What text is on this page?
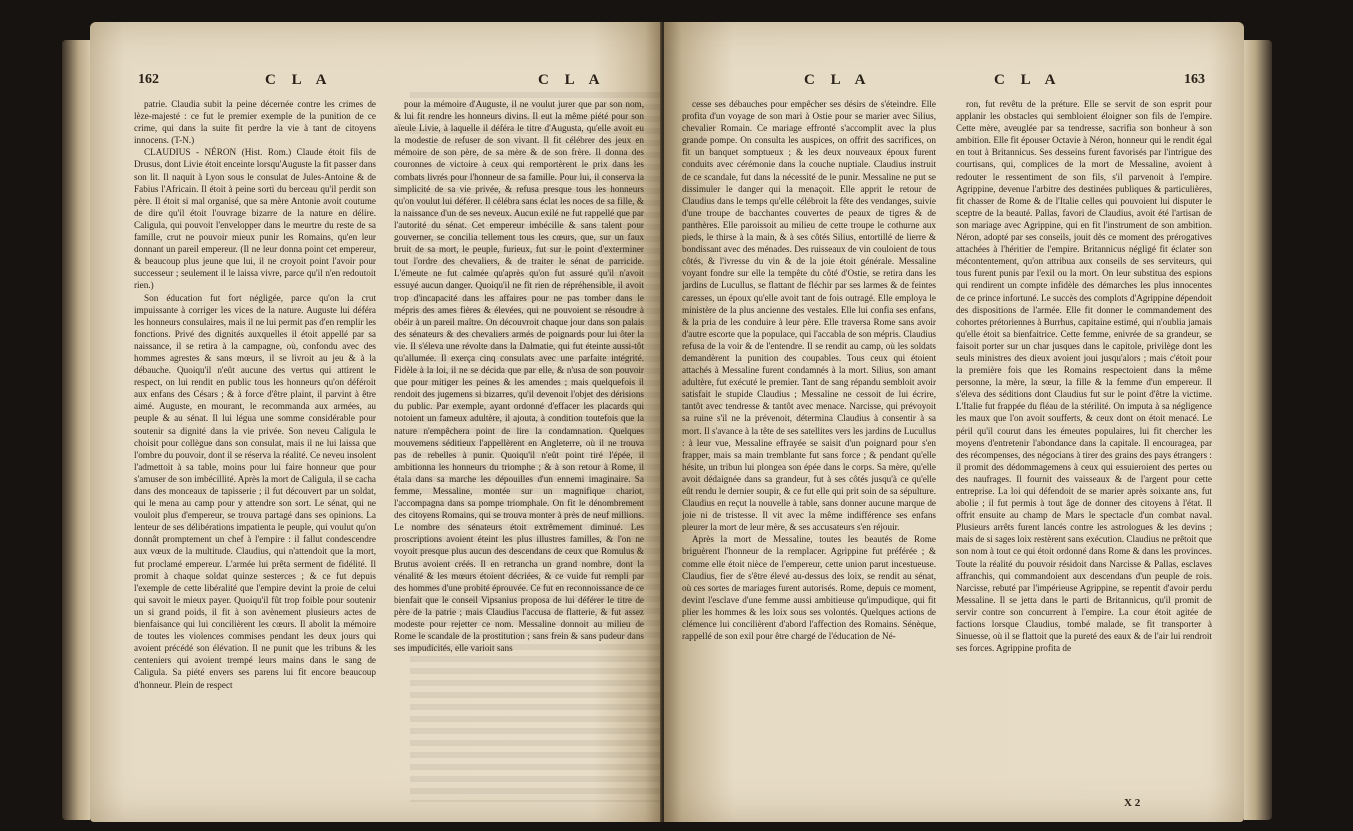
162	C L A	C L A

patrie. Claudia subit la peine décernée contre les crimes de lèze-majesté : ce fut le premier exemple de la punition de ce crime, qui dans la suite fit perdre la vie à tant de citoyens innocens. (T-N.)

CLAUDIUS - NÉRON (Hist. Rom.) Claude étoit fils de Drusus, dont Livie étoit enceinte lorsqu'Auguste la fit passer dans son lit. Il naquit à Lyon sous le consulat de Jules-Antoine & de Fabius l'Africain. Il étoit à peine sorti du berceau qu'il perdit son père. Il étoit si mal organisé, que sa mère Antonie avoit coutume de dire qu'il étoit l'ouvrage bizarre de la nature en délire. Caligula, qui pouvoit l'envelopper dans le meurtre du reste de sa famille, crut ne pouvoir mieux punir les Romains, qu'en leur donnant un pareil empereur. (Il ne leur donna point cet empereur, & beaucoup plus jeune que lui, il ne croyoit point l'avoir pour successeur ; seulement il le laissa vivre, parce qu'il n'en redoutoit rien.)

Son éducation fut fort négligée, parce qu'on la crut impuissante à corriger les vices de la nature. Auguste lui déféra les honneurs consulaires, mais il ne lui permit pas d'en remplir les fonctions. Privé des dignités auxquelles il étoit appellé par sa naissance, il se retira à la campagne, où, confondu avec des hommes agrestes & sans mœurs, il se livroit au jeu & à la débauche. Quoiqu'il n'eût aucune des vertus qui attirent le respect, on lui rendit en public tous les honneurs qu'on déféroit aux enfans des Césars ; & à force d'être plaint, il parvint à être aimé. Auguste, en mourant, le recommanda aux armées, au peuple & au sénat. Il lui légua une somme considérable pour soutenir sa dignité dans la vie privée. Son neveu Caligula le choisit pour collègue dans son consulat, mais il ne lui laissa que l'ombre du pouvoir, dont il se réserva la réalité. Ce neveu insolent l'admettoit à sa table, moins pour lui faire honneur que pour s'amuser de son imbécillité. Après la mort de Caligula, il se cacha dans des monceaux de tapisserie ; il fut découvert par un soldat, qui le mena au camp pour y attendre son sort. Le sénat, qui ne vouloit plus d'empereur, se trouva partagé dans ses opinions. La lenteur de ses délibérations impatienta le peuple, qui voulut qu'on donnât promptement un chef à l'empire : il fallut condescendre aux vœux de la multitude. Claudius, qui n'attendoit que la mort, fut proclamé empereur. L'armée lui prêta serment de fidélité. Il promit à chaque soldat quinze sesterces ; & ce fut depuis l'exemple de cette libéralité que l'empire devint la proie de celui qui savoit le mieux payer. Quoiqu'il fût trop foible pour soutenir un si grand poids, il fit à son avènement plusieurs actes de bienfaisance qui lui concilièrent les cœurs. Il abolit la mémoire de toutes les violences commises pendant les deux jours qui avoient précédé son élévation. Il ne punit que les tribuns & les centeniers qui avoient trempé leurs mains dans le sang de Caligula. Sa piété envers ses parens lui fit encore beaucoup d'honneur. Plein de respect

pour la mémoire d'Auguste, il ne voulut jurer que par son nom, & lui fit rendre les honneurs divins. Il eut la même piété pour son aïeule Livie, à laquelle il déféra le titre d'Augusta, qu'elle avoit eu la modestie de refuser de son vivant. Il fit célébrer des jeux en mémoire de son père, de sa mère & de son frère. Il donna des couronnes de victoire à ceux qui remportèrent le prix dans les combats livrés pour l'honneur de sa famille. Pour lui, il conserva la simplicité de sa vie privée, & refusa presque tous les honneurs qu'on voulut lui déférer. Il célébra sans éclat les noces de sa fille, & la naissance d'un de ses neveux. Aucun exilé ne fut rappellé que par l'autorité du sénat. Cet empereur imbécille & sans talent pour gouverner, se concilia tellement tous les cœurs, que, sur un faux bruit de sa mort, le peuple, furieux, fut sur le point d'exterminer tout l'ordre des chevaliers, & de traiter le sénat de parricide. L'émeute ne fut calmée qu'après qu'on fut assuré qu'il n'avoit essuyé aucun danger. Quoiqu'il ne fît rien de répréhensible, il avoit trop d'incapacité dans les affaires pour ne pas tomber dans le mépris des ames fières & élevées, qui ne pouvoient se résoudre à obéir à un pareil maître. On découvroit chaque jour dans son palais des sénateurs & des chevaliers armés de poignards pour lui ôter la vie. Il s'éleva une révolte dans la Dalmatie, qui fut éteinte aussi-tôt qu'allumée. Il exerça cinq consulats avec une parfaite intégrité. Fidèle à la loi, il ne se décida que par elle, & n'usa de son pouvoir que pour mitiger les peines & les amendes ; mais quelquefois il rendoit des jugemens si bizarres, qu'il devenoit l'objet des dérisions du public. Par exemple, ayant ordonné d'effacer les placards qui notoient un fameux adultère, il ajouta, à condition toutefois que la nature n'empêchera point de lire la condamnation. Quelques mouvemens séditieux l'appellèrent en Angleterre, où il ne trouva pas de rebelles à punir. Quoiqu'il n'eût point tiré l'épée, il ambitionna les honneurs du triomphe ; & à son retour à Rome, il étala dans sa marche les dépouilles d'un ennemi imaginaire. Sa femme, Messaline, montée sur un magnifique chariot, l'accompagna dans sa pompe triomphale. On fit le dénombrement des citoyens Romains, qui se trouva monter à près de neuf millions. Le nombre des sénateurs étoit extrêmement diminué. Les proscriptions avoient éteint les plus illustres familles, & l'on ne voyoit presque plus aucun des descendans de ceux que Romulus & Brutus avoient créés. Il en retrancha un grand nombre, dont la vénalité & les mœurs étoient décriées, & ce vuide fut rempli par des hommes d'une probité éprouvée. Ce fut en reconnoissance de ce bienfait que le conseil Vipsanius proposa de lui déférer le titre de père de la patrie ; mais Claudius l'accusa de flatterie, & fut assez modeste pour rejetter ce nom. Messaline donnoit au milieu de Rome le scandale de la prostitution ; sans frein & sans pudeur dans ses impudicités, elle varioit sans

C L A	C L A	163

cesse ses débauches pour empêcher ses désirs de s'éteindre. Elle profita d'un voyage de son mari à Ostie pour se marier avec Silius, chevalier Romain. Ce mariage effronté s'accomplit avec la plus grande pompe. On consulta les auspices, on offrit des sacrifices, on fit un banquet somptueux ; & les deux nouveaux époux furent conduits avec cérémonie dans la couche nuptiale. Claudius instruit de ce scandale, fut dans la nécessité de le punir. Messaline ne put se dissimuler le danger qui la menaçoit. Elle apprit le retour de Claudius dans le temps qu'elle célébroit la fête des vendanges, suivie d'une troupe de bacchantes couvertes de peaux de tigres & de panthères. Elle paroissoit au milieu de cette troupe le cothurne aux pieds, le thirse à la main, & à ses côtés Silius, entortillé de lierre & bondissant avec des ménades. Des ruisseaux de vin couloient de tous côtés, & l'ivresse du vin & de la joie étoit générale. Messaline voyant fondre sur elle la tempête du côté d'Ostie, se retira dans les jardins de Lucullus, se flattant de fléchir par ses larmes & de feintes caresses, un époux qu'elle avoit tant de fois outragé. Elle employa le ministère de la plus ancienne des vestales. Elle lui confia ses enfans, & la pria de les conduire à leur père. Elle traversa Rome sans avoir d'autre escorte que la populace, qui l'accabla de son mépris. Claudius refusa de la voir & de l'entendre. Il se rendit au camp, où les soldats demandèrent la punition des coupables. Tous ceux qui étoient attachés à Messaline furent condamnés à la mort. Silius, son amant adultère, fut exécuté le premier. Tant de sang répandu sembloit avoir satisfait le stupide Claudius ; Messaline ne cessoit de lui écrire, tantôt avec tendresse & tantôt avec menace. Narcisse, qui prévoyoit sa ruine s'il ne la prévenoit, détermina Claudius à consentir à sa mort. Il s'avance à la tête de ses satellites vers les jardins de Lucullus : à leur vue, Messaline effrayée se saisit d'un poignard pour s'en frapper, mais sa main tremblante fut sans force ; & pendant qu'elle hésite, un tribun lui plongea son épée dans le corps. Sa mère, qu'elle avoit dédaignée dans sa grandeur, fut à ses côtés jusqu'à ce qu'elle eût rendu le dernier soupir, & ce fut elle qui prit soin de sa sépulture. Claudius en reçut la nouvelle à table, sans donner aucune marque de joie ni de tristesse. Il vit avec la même indifférence ses enfans pleurer la mort de leur mère, & ses accusateurs s'en réjouir.

Après la mort de Messaline, toutes les beautés de Rome briguèrent l'honneur de la remplacer. Agrippine fut préférée ; & comme elle étoit nièce de l'empereur, cette union parut incestueuse. Claudius, fier de s'être élevé au-dessus des loix, se rendit au sénat, où ces sortes de mariages furent autorisés. Rome, depuis ce moment, devint l'esclave d'une femme aussi ambitieuse qu'impudique, qui fit plier les hommes & les loix sous ses volontés. Quelques actions de clémence lui concilièrent d'abord l'affection des Romains. Sénèque, rappellé de son exil pour être chargé de l'éducation de Né-

ron, fut revêtu de la préture. Elle se servit de son esprit pour applanir les obstacles qui sembloient éloigner son fils de l'empire. Cette mère, aveuglée par sa tendresse, sacrifia son bonheur à son ambition. Elle fit épouser Octavie à Néron, honneur qui le rendit égal en tout à Britannicus. Ses desseins furent favorisés par l'intrigue des courtisans, qui, complices de la mort de Messaline, avoient à redouter le ressentiment de son fils, s'il parvenoit à l'empire. Agrippine, devenue l'arbitre des destinées publiques & particulières, fit chasser de Rome & de l'Italie celles qui pouvoient lui disputer le sceptre de la beauté. Pallas, favori de Claudius, avoit été l'artisan de son mariage avec Agrippine, qui en fit l'instrument de son ambition. Néron, adopté par ses conseils, jouit dès ce moment des prérogatives attachées à l'héritier de l'empire. Britannicus négligé fit éclater son mécontentement, qu'on attribua aux conseils de ses serviteurs, qui tous furent punis par l'exil ou la mort. On leur substitua des espions qui rendirent un compte infidèle des démarches les plus innocentes de ce prince infortuné. Le succès des complots d'Agrippine dépendoit des dispositions de l'armée. Elle fit donner le commandement des cohortes prétoriennes à Burrhus, capitaine estimé, qui n'oublia jamais qu'elle étoit sa bienfaitrice. Cette femme, enivrée de sa grandeur, se faisoit porter sur un char jusques dans le capitole, privilège dont les seuls ministres des dieux avoient joui jusqu'alors ; mais c'étoit pour la première fois que les Romains respectoient dans la même personne, la mère, la sœur, la fille & la femme d'un empereur. Il s'éleva des séditions dont Claudius fut sur le point d'être la victime. L'Italie fut frappée du fléau de la stérilité. On imputa à sa négligence les maux que l'on avoit soufferts, & ceux dont on étoit menacé. Le péril qu'il courut dans les émeutes populaires, lui fit chercher les moyens d'entretenir l'abondance dans la capitale. Il encouragea, par des récompenses, des négocians à tirer des grains des pays étrangers : il promit des dédommagemens à ceux qui essuieroient des pertes ou des naufrages. Il fournit des vaisseaux & de l'argent pour cette entreprise. La loi qui défendoit de se marier après soixante ans, fut abolie ; il fut permis à tout âge de donner des citoyens à l'état. Il offrit ensuite au champ de Mars le spectacle d'un combat naval. Plusieurs arrêts furent lancés contre les astrologues & les devins ; mais de si sages loix restèrent sans exécution. Claudius ne prêtoit que son nom à tout ce qui étoit ordonné dans Rome & dans les provinces. Toute la réalité du pouvoir résidoit dans Narcisse & Pallas, esclaves affranchis, qui commandoient aux descendans d'un peuple de rois. Narcisse, rebuté par l'impérieuse Agrippine, se repentit d'avoir perdu Messaline. Il se jetta dans le parti de Britannicus, qu'il promit de servir contre son concurrent à l'empire. La cour étoit agitée de factions lorsque Claudius, tombé malade, se fit transporter à Sinuesse, où il se flattoit que la pureté des eaux & de l'air lui rendroit ses forces. Agrippine profita de

X 2
